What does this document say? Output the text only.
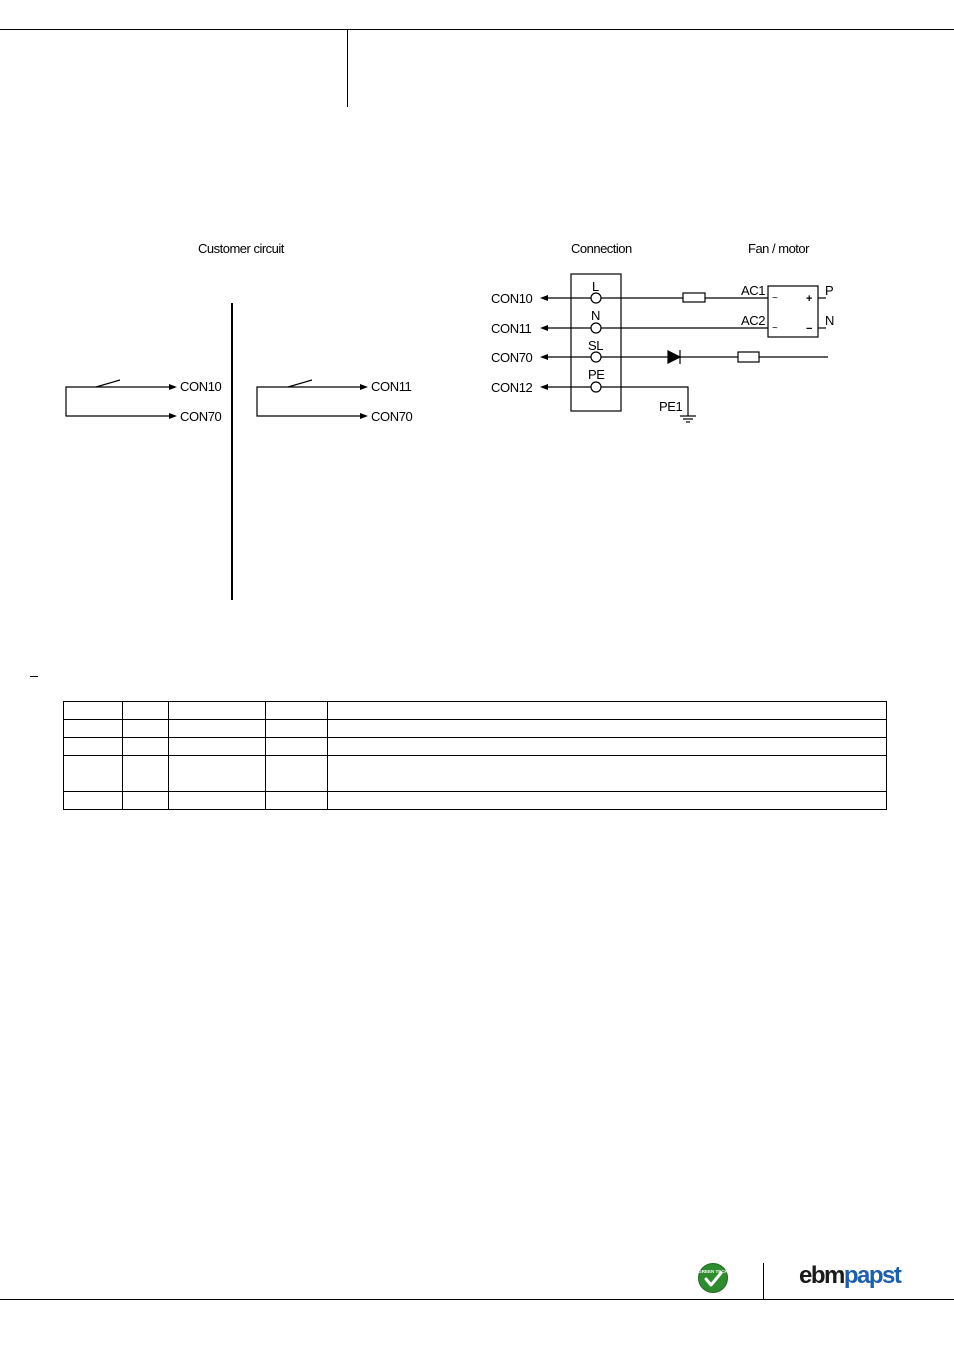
Customer circuit	Connection	Fan / motor
CON10
CON70
CON11
CON70
CON10
CON11
CON70
CON12
L
N
SL
PE
PE1
AC1
AC2
P
N
~	+
~	−

GREEN TECH	ebmpapst
